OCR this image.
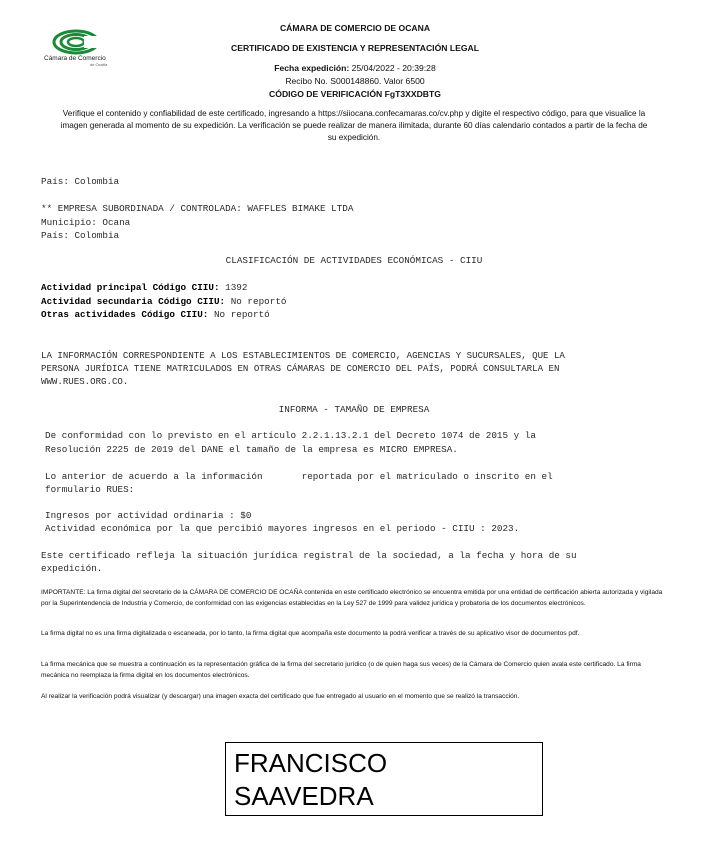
Cámara de Comercio
de Ocaña
CÁMARA DE COMERCIO DE OCANA
CERTIFICADO DE EXISTENCIA Y REPRESENTACIÓN LEGAL
Fecha expedición: 25/04/2022 - 20:39:28
Recibo No. S000148860. Valor 6500
CÓDIGO DE VERIFICACIÓN FgT3XXDBTG
Verifique el contenido y confiabilidad de este certificado, ingresando a https://siiocana.confecamaras.co/cv.php y digite el respectivo código, para que visualice la imagen generada al momento de su expedición. La verificación se puede realizar de manera ilimitada, durante 60 días calendario contados a partir de la fecha de su expedición.
País: Colombia
** EMPRESA SUBORDINADA / CONTROLADA: WAFFLES BIMAKE LTDA
Municipio: Ocana
País: Colombia
CLASIFICACIÓN DE ACTIVIDADES ECONÓMICAS - CIIU
Actividad principal Código CIIU: 1392
Actividad secundaria Código CIIU: No reportó
Otras actividades Código CIIU: No reportó
LA INFORMACIÓN CORRESPONDIENTE A LOS ESTABLECIMIENTOS DE COMERCIO, AGENCIAS Y SUCURSALES, QUE LA
PERSONA JURÍDICA TIENE MATRICULADOS EN OTRAS CÁMARAS DE COMERCIO DEL PAÍS, PODRÁ CONSULTARLA EN
WWW.RUES.ORG.CO.
INFORMA - TAMAÑO DE EMPRESA
De conformidad con lo previsto en el artículo 2.2.1.13.2.1 del Decreto 1074 de 2015 y la
Resolución 2225 de 2019 del DANE el tamaño de la empresa es MICRO EMPRESA.
Lo anterior de acuerdo a la información       reportada por el matriculado o inscrito en el
formulario RUES:
Ingresos por actividad ordinaria : $0
Actividad económica por la que percibió mayores ingresos en el periodo - CIIU : 2023.
Este certificado refleja la situación jurídica registral de la sociedad, a la fecha y hora de su
expedición.
IMPORTANTE: La firma digital del secretario de la CÁMARA DE COMERCIO DE OCAÑA contenida en este certificado electrónico se encuentra emitida por una entidad de certificación abierta autorizada y vigilada por la Superintendencia de Industria y Comercio, de conformidad con las exigencias establecidas en la Ley 527 de 1999 para validez jurídica y probatoria de los documentos electrónicos.
La firma digital no es una firma digitalizada o escaneada, por lo tanto, la firma digital que acompaña este documento la podrá verificar a través de su aplicativo visor de documentos pdf.
La firma mecánica que se muestra a continuación es la representación gráfica de la firma del secretario jurídico (o de quien haga sus veces) de la Cámara de Comercio quien avala este certificado. La firma mecánica no reemplaza la firma digital en los documentos electrónicos.
Al realizar la verificación podrá visualizar (y descargar) una imagen exacta del certificado que fue entregado al usuario en el momento que se realizó la transacción.
FRANCISCO
SAAVEDRA
